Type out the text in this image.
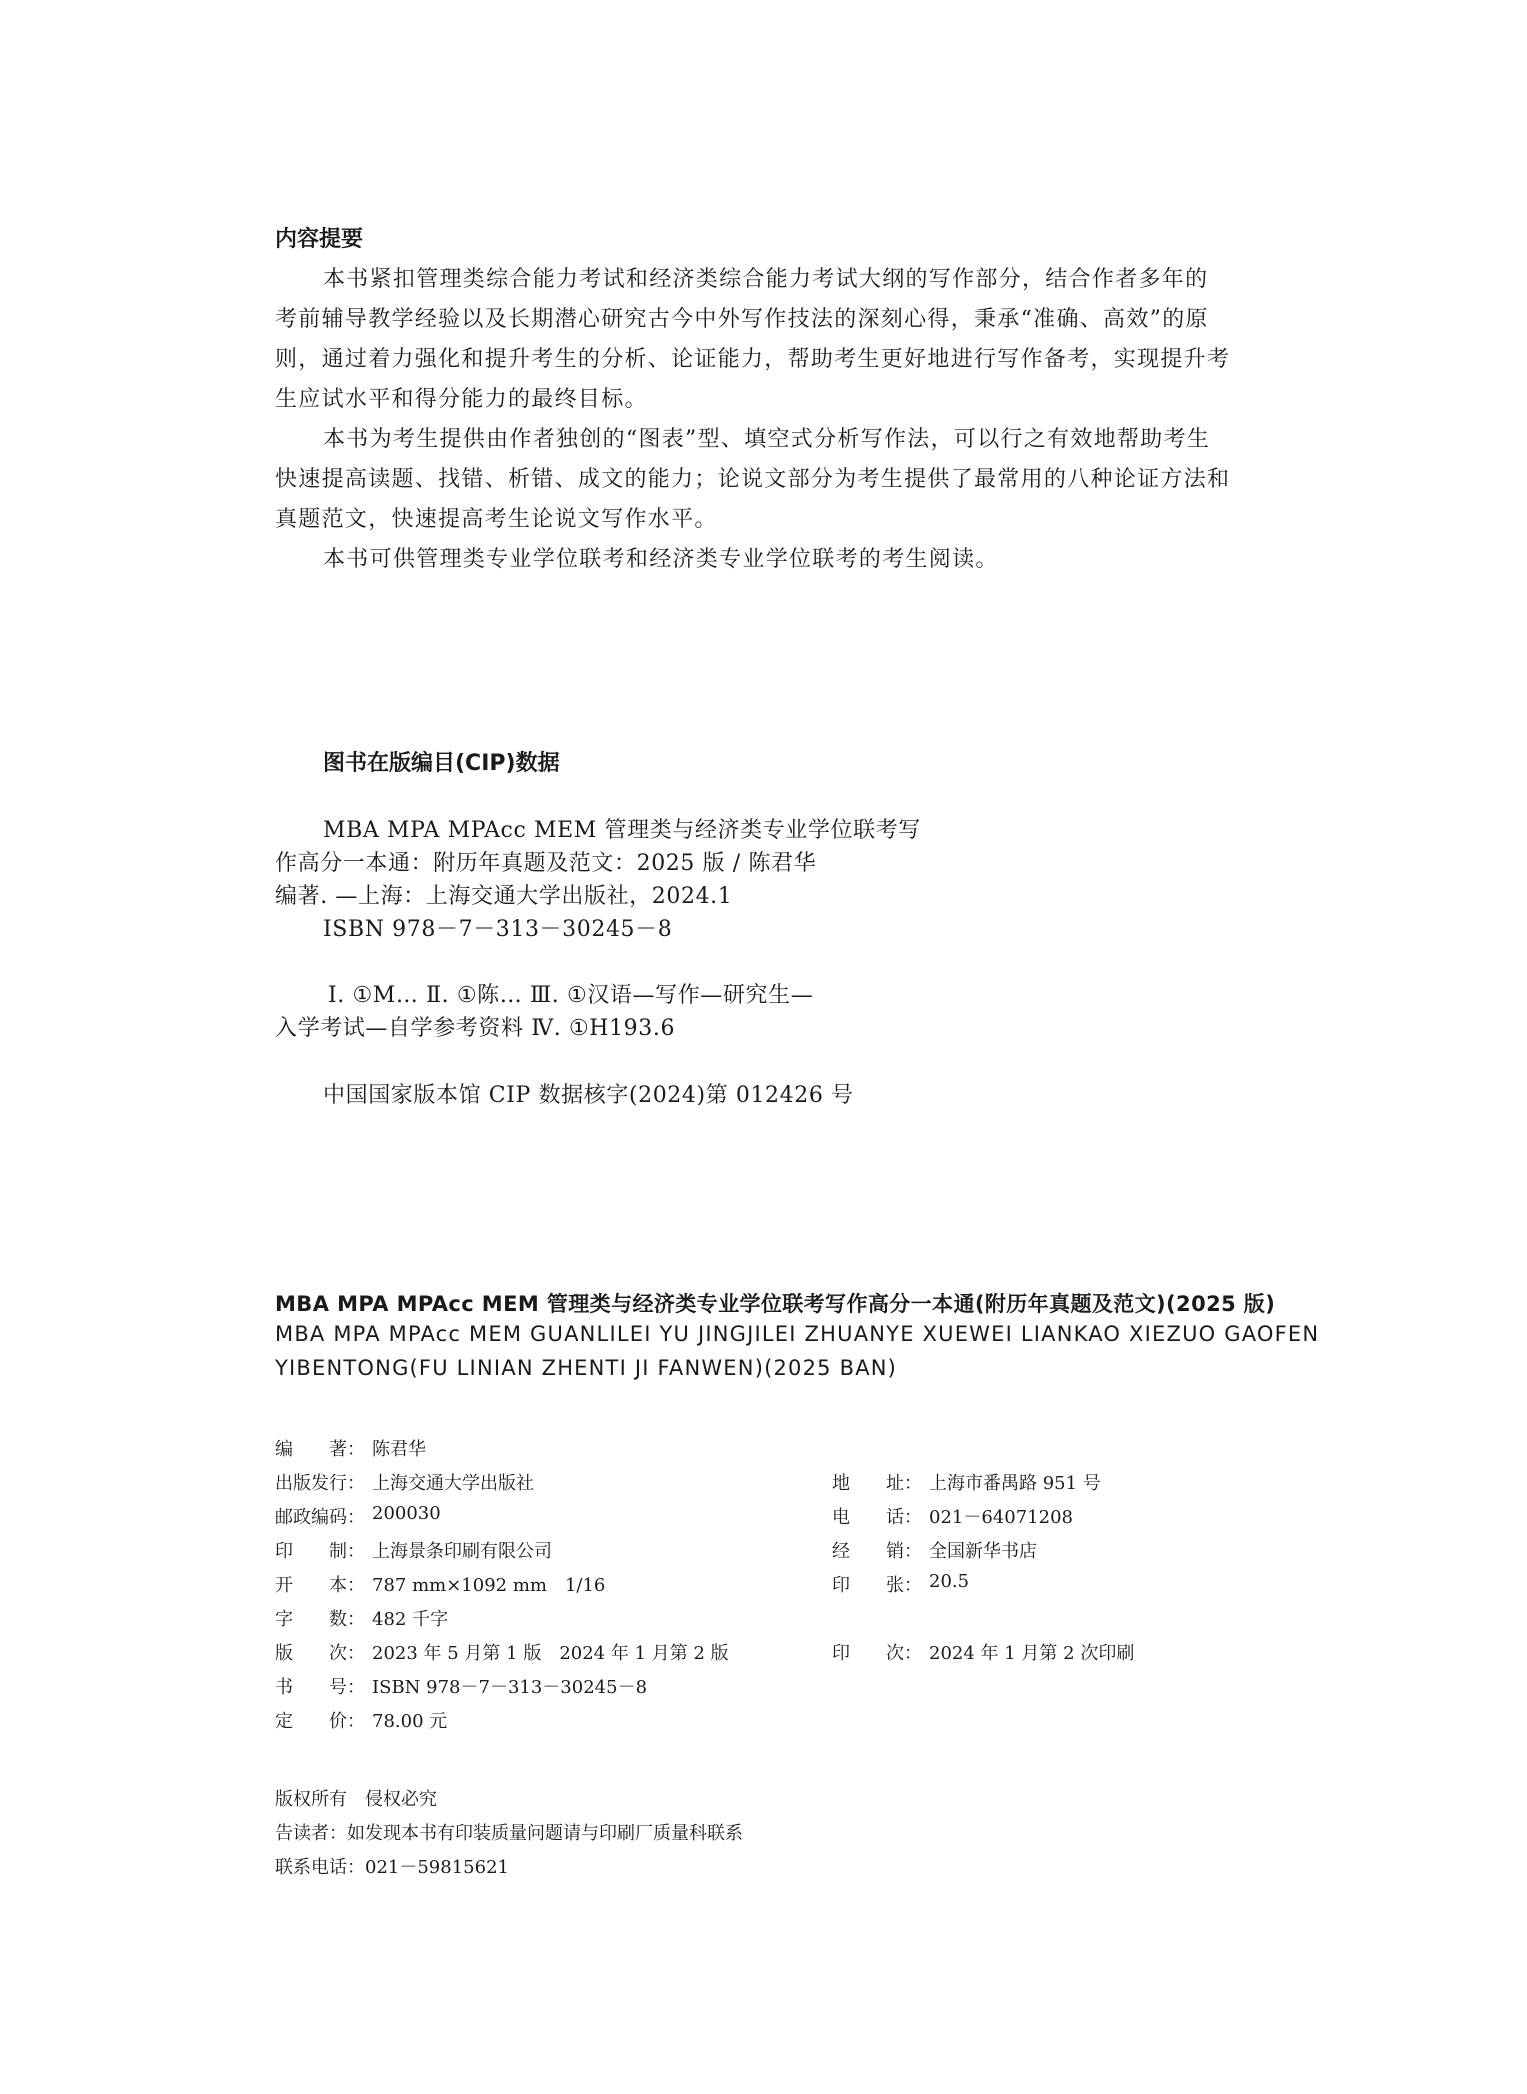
内容提要
本书紧扣管理类综合能力考试和经济类综合能力考试大纲的写作部分，结合作者多年的
考前辅导教学经验以及长期潜心研究古今中外写作技法的深刻心得，秉承“准确、高效”的原
则，通过着力强化和提升考生的分析、论证能力，帮助考生更好地进行写作备考，实现提升考
生应试水平和得分能力的最终目标。
本书为考生提供由作者独创的“图表”型、填空式分析写作法，可以行之有效地帮助考生
快速提高读题、找错、析错、成文的能力；论说文部分为考生提供了最常用的八种论证方法和
真题范文，快速提高考生论说文写作水平。
本书可供管理类专业学位联考和经济类专业学位联考的考生阅读。
图书在版编目(CIP)数据
MBA MPA MPAcc MEM 管理类与经济类专业学位联考写
作高分一本通：附历年真题及范文：2025 版 / 陈君华
编著. —上海：上海交通大学出版社，2024.1
ISBN 978－7－313－30245－8
Ⅰ. ①M… Ⅱ. ①陈… Ⅲ. ①汉语—写作—研究生—
入学考试—自学参考资料 Ⅳ. ①H193.6
中国国家版本馆 CIP 数据核字(2024)第 012426 号
MBA MPA MPAcc MEM 管理类与经济类专业学位联考写作高分一本通(附历年真题及范文)(2025 版)
MBA MPA MPAcc MEM GUANLILEI YU JINGJILEI ZHUANYE XUEWEI LIANKAO XIEZUO GAOFEN
YIBENTONG(FU LINIAN ZHENTI JI FANWEN)(2025 BAN)
编　　著： 陈君华
出版发行： 上海交通大学出版社
邮政编码： 200030
印　　制： 上海景条印刷有限公司
开　　本： 787 mm×1092 mm　1/16
字　　数： 482 千字
版　　次： 2023 年 5 月第 1 版　2024 年 1 月第 2 版
书　　号： ISBN 978－7－313－30245－8
定　　价： 78.00 元
地　　址： 上海市番禺路 951 号
电　　话： 021－64071208
经　　销： 全国新华书店
印　　张： 20.5
印　　次： 2024 年 1 月第 2 次印刷
版权所有　侵权必究
告读者：如发现本书有印装质量问题请与印刷厂质量科联系
联系电话：021－59815621
